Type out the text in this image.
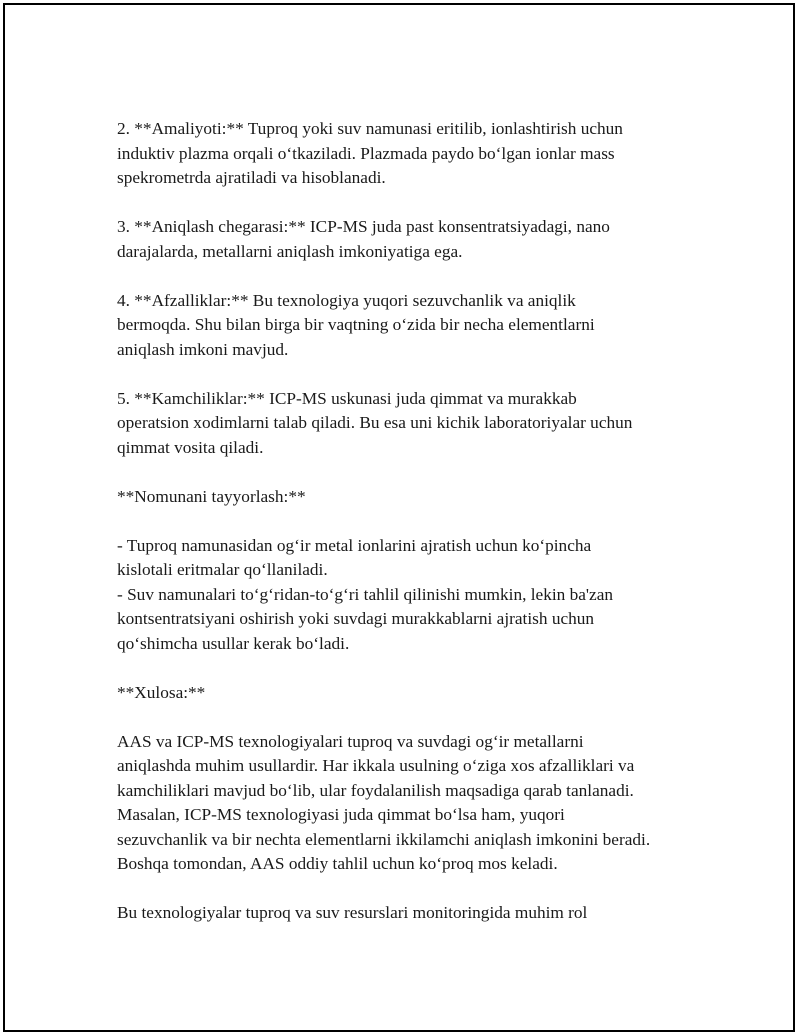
2. **Amaliyoti:** Tuproq yoki suv namunasi eritilib, ionlashtirish uchun
induktiv plazma orqali oʻtkaziladi. Plazmada paydo boʻlgan ionlar mass
spekrometrda ajratiladi va hisoblanadi.

3. **Aniqlash chegarasi:** ICP-MS juda past konsentratsiyadagi, nano
darajalarda, metallarni aniqlash imkoniyatiga ega.

4. **Afzalliklar:** Bu texnologiya yuqori sezuvchanlik va aniqlik
bermoqda. Shu bilan birga bir vaqtning oʻzida bir necha elementlarni
aniqlash imkoni mavjud.

5. **Kamchiliklar:** ICP-MS uskunasi juda qimmat va murakkab
operatsion xodimlarni talab qiladi. Bu esa uni kichik laboratoriyalar uchun
qimmat vosita qiladi.

**Nomunani tayyorlash:**

- Tuproq namunasidan ogʻir metal ionlarini ajratish uchun koʻpincha
kislotali eritmalar qoʻllaniladi.
- Suv namunalari toʻgʻridan-toʻgʻri tahlil qilinishi mumkin, lekin ba'zan
kontsentratsiyani oshirish yoki suvdagi murakkablarni ajratish uchun
qoʻshimcha usullar kerak boʻladi.

**Xulosa:**

AAS va ICP-MS texnologiyalari tuproq va suvdagi ogʻir metallarni
aniqlashda muhim usullardir. Har ikkala usulning oʻziga xos afzalliklari va
kamchiliklari mavjud boʻlib, ular foydalanilish maqsadiga qarab tanlanadi.
Masalan, ICP-MS texnologiyasi juda qimmat boʻlsa ham, yuqori
sezuvchanlik va bir nechta elementlarni ikkilamchi aniqlash imkonini beradi.
Boshqa tomondan, AAS oddiy tahlil uchun koʻproq mos keladi.

Bu texnologiyalar tuproq va suv resurslari monitoringida muhim rol
